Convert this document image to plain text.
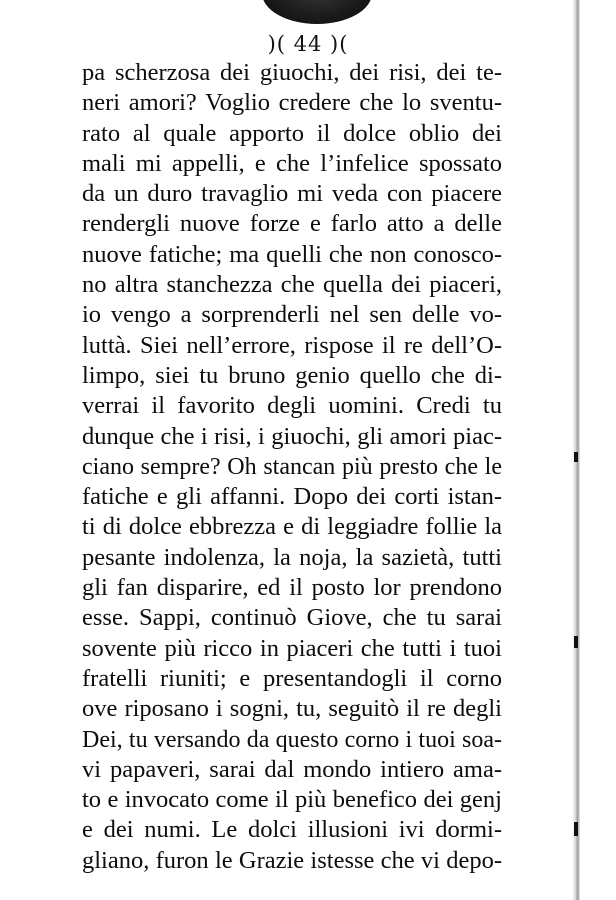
)( 44 )(
pa scherzosa dei giuochi, dei risi, dei te-
neri amori? Voglio credere che lo sventu-
rato al quale apporto il dolce oblio dei
mali mi appelli, e che l’infelice spossato
da un duro travaglio mi veda con piacere
rendergli nuove forze e farlo atto a delle
nuove fatiche; ma quelli che non conosco-
no altra stanchezza che quella dei piaceri,
io vengo a sorprenderli nel sen delle vo-
luttà. Siei nell’errore, rispose il re dell’O-
limpo, siei tu bruno genio quello che di-
verrai il favorito degli uomini. Credi tu
dunque che i risi, i giuochi, gli amori piac-
ciano sempre? Oh stancan più presto che le
fatiche e gli affanni. Dopo dei corti istan-
ti di dolce ebbrezza e di leggiadre follie la
pesante indolenza, la noja, la sazietà, tutti
gli fan disparire, ed il posto lor prendono
esse. Sappi, continuò Giove, che tu sarai
sovente più ricco in piaceri che tutti i tuoi
fratelli riuniti; e presentandogli il corno
ove riposano i sogni, tu, seguitò il re degli
Dei, tu versando da questo corno i tuoi soa-
vi papaveri, sarai dal mondo intiero ama-
to e invocato come il più benefico dei genj
e dei numi. Le dolci illusioni ivi dormi-
gliano, furon le Grazie istesse che vi depo-
